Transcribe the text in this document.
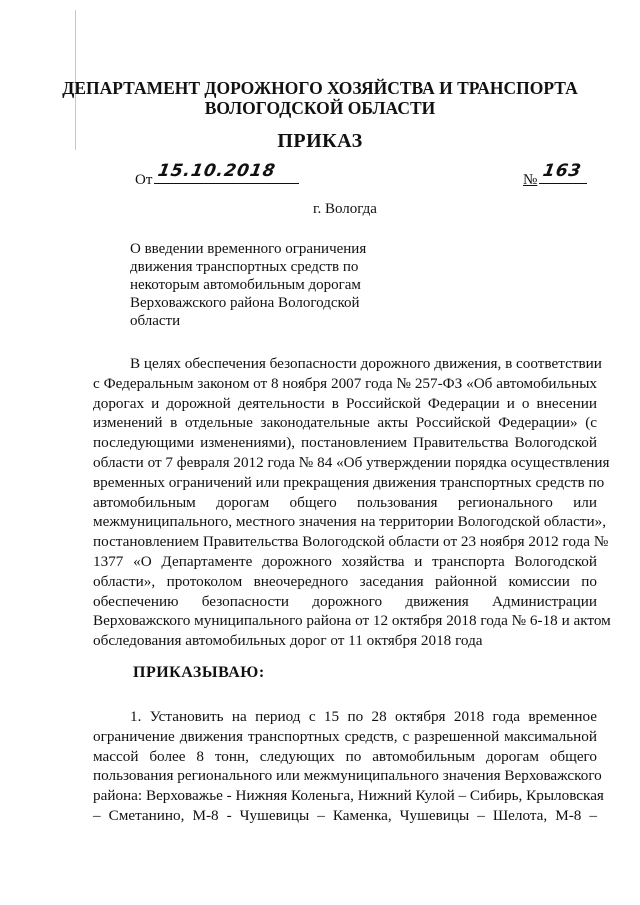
ДЕПАРТАМЕНТ ДОРОЖНОГО ХОЗЯЙСТВА И ТРАНСПОРТА
ВОЛОГОДСКОЙ ОБЛАСТИ
ПРИКАЗ
От 15.10.2018	№ 163
г. Вологда
О введении временного ограничения
движения транспортных средств по
некоторым автомобильным дорогам
Верховажского района Вологодской
области
В целях обеспечения безопасности дорожного движения, в соответствии
с Федеральным законом от 8 ноября 2007 года № 257-ФЗ «Об автомобильных
дорогах и дорожной деятельности в Российской Федерации и о внесении
изменений в отдельные законодательные акты Российской Федерации» (с
последующими изменениями), постановлением Правительства Вологодской
области от 7 февраля 2012 года № 84 «Об утверждении порядка осуществления
временных ограничений или прекращения движения транспортных средств по
автомобильным дорогам общего пользования регионального или
межмуниципального, местного значения на территории Вологодской области»,
постановлением Правительства Вологодской области от 23 ноября 2012 года №
1377 «О Департаменте дорожного хозяйства и транспорта Вологодской
области», протоколом внеочередного заседания районной комиссии по
обеспечению безопасности дорожного движения Администрации
Верховажского муниципального района от 12 октября 2018 года № 6-18 и актом
обследования автомобильных дорог от 11 октября 2018 года
ПРИКАЗЫВАЮ:
1. Установить на период с 15 по 28 октября 2018 года временное
ограничение движения транспортных средств, с разрешенной максимальной
массой более 8 тонн, следующих по автомобильным дорогам общего
пользования регионального или межмуниципального значения Верховажского
района: Верховажье - Нижняя Коленьга, Нижний Кулой – Сибирь, Крыловская
– Сметанино, М-8 - Чушевицы – Каменка, Чушевицы – Шелота, М-8 –
